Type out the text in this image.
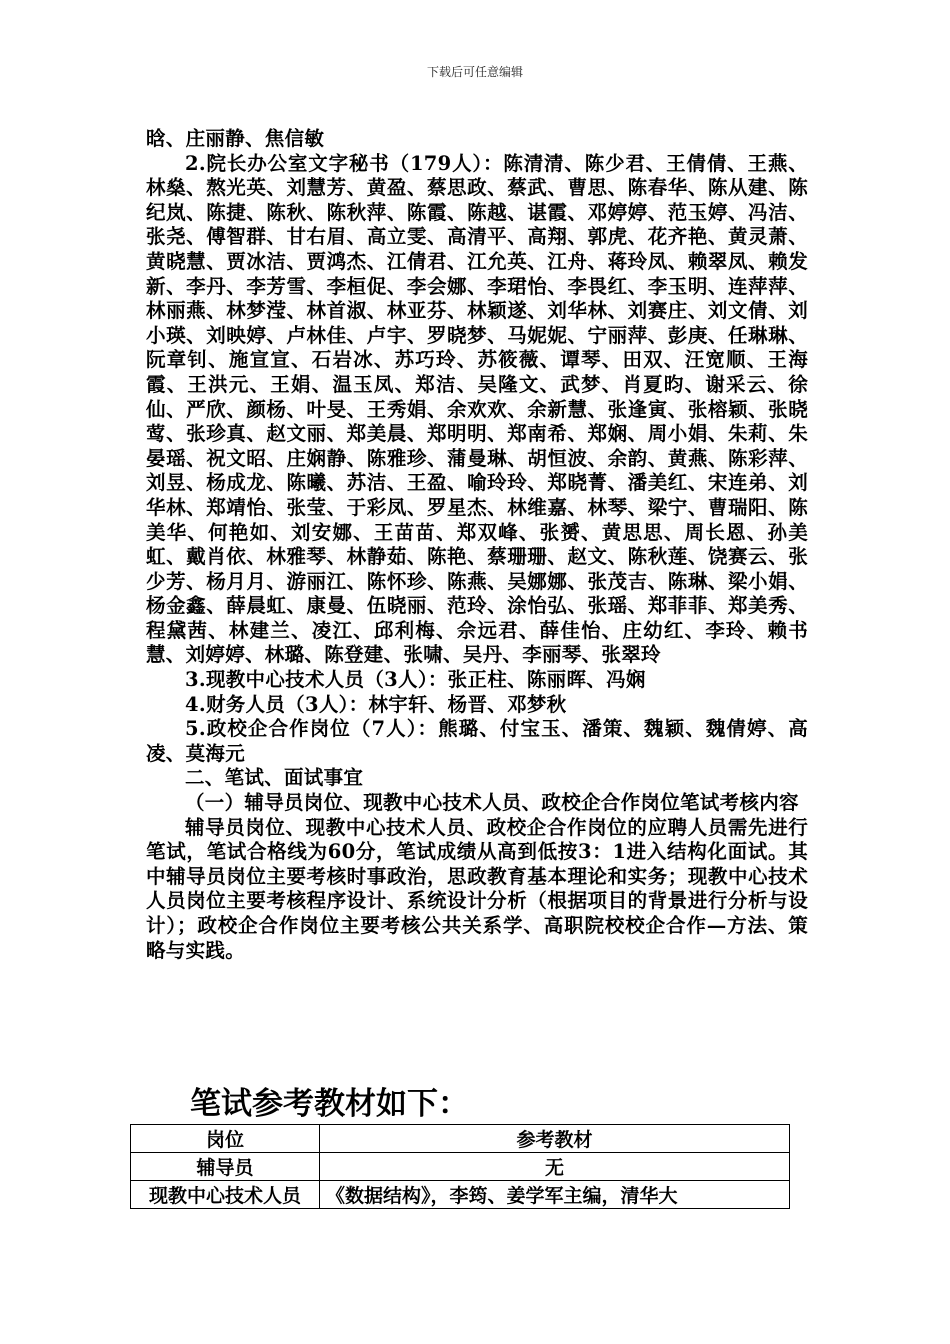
下载后可任意编辑

晗、庄丽静、焦信敏

2.院长办公室文字秘书（179人）：陈清清、陈少君、王倩倩、王燕、林燊、熬光英、刘慧芳、黄盈、蔡思政、蔡武、曹思、陈春华、陈从建、陈纪岚、陈捷、陈秋、陈秋萍、陈霞、陈越、谌霞、邓婷婷、范玉婷、冯洁、张尧、傅智群、甘右眉、高立雯、高清平、高翔、郭虎、花齐艳、黄灵萧、黄晓慧、贾冰洁、贾鸿杰、江倩君、江允英、江舟、蒋玲凤、赖翠凤、赖发新、李丹、李芳雪、李桓促、李会娜、李珺怡、李畏红、李玉明、连萍萍、林丽燕、林梦滢、林首淑、林亚芬、林颖遂、刘华林、刘赛庄、刘文倩、刘小瑛、刘映婷、卢林佳、卢宇、罗晓梦、马妮妮、宁丽萍、彭庚、任琳琳、阮章钊、施宣宣、石岩冰、苏巧玲、苏筱薇、谭琴、田双、汪宽顺、王海霞、王洪元、王娟、温玉凤、郑洁、吴隆文、武梦、肖夏昀、谢采云、徐仙、严欣、颜杨、叶旻、王秀娟、余欢欢、余新慧、张逢寅、张榕颖、张晓莺、张珍真、赵文丽、郑美晨、郑明明、郑南希、郑娴、周小娟、朱莉、朱晏瑶、祝文昭、庄娴静、陈雅珍、蒲曼琳、胡恒波、余韵、黄燕、陈彩萍、刘昱、杨成龙、陈曦、苏洁、王盈、喻玲玲、郑晓菁、潘美红、宋连弟、刘华林、郑靖怡、张莹、于彩凤、罗星杰、林维嘉、林琴、梁宁、曹瑞阳、陈美华、何艳如、刘安娜、王苗苗、郑双峰、张赟、黄思思、周长恩、孙美虹、戴肖依、林雅琴、林静茹、陈艳、蔡珊珊、赵文、陈秋莲、饶赛云、张少芳、杨月月、游丽江、陈怀珍、陈燕、吴娜娜、张茂吉、陈琳、梁小娟、杨金鑫、薛晨虹、康曼、伍晓丽、范玲、涂怡弘、张瑶、郑菲菲、郑美秀、程黛茜、林建兰、凌江、邱利梅、佘远君、薛佳怡、庄幼红、李玲、赖书慧、刘婷婷、林璐、陈登建、张啸、吴丹、李丽琴、张翠玲

3.现教中心技术人员（3人）：张正柱、陈丽晖、冯娴

4.财务人员（3人）：林宇轩、杨晋、邓梦秋

5.政校企合作岗位（7人）：熊璐、付宝玉、潘策、魏颖、魏倩婷、高凌、莫海元

二、笔试、面试事宜

（一）辅导员岗位、现教中心技术人员、政校企合作岗位笔试考核内容

辅导员岗位、现教中心技术人员、政校企合作岗位的应聘人员需先进行笔试，笔试合格线为60分，笔试成绩从高到低按3：1进入结构化面试。其中辅导员岗位主要考核时事政治，思政教育基本理论和实务；现教中心技术人员岗位主要考核程序设计、系统设计分析（根据项目的背景进行分析与设计）；政校企合作岗位主要考核公共关系学、高职院校校企合作—方法、策略与实践。

笔试参考教材如下：
岗位	参考教材
辅导员	无
现教中心技术人员	《数据结构》，李筠、姜学军主编，清华大
